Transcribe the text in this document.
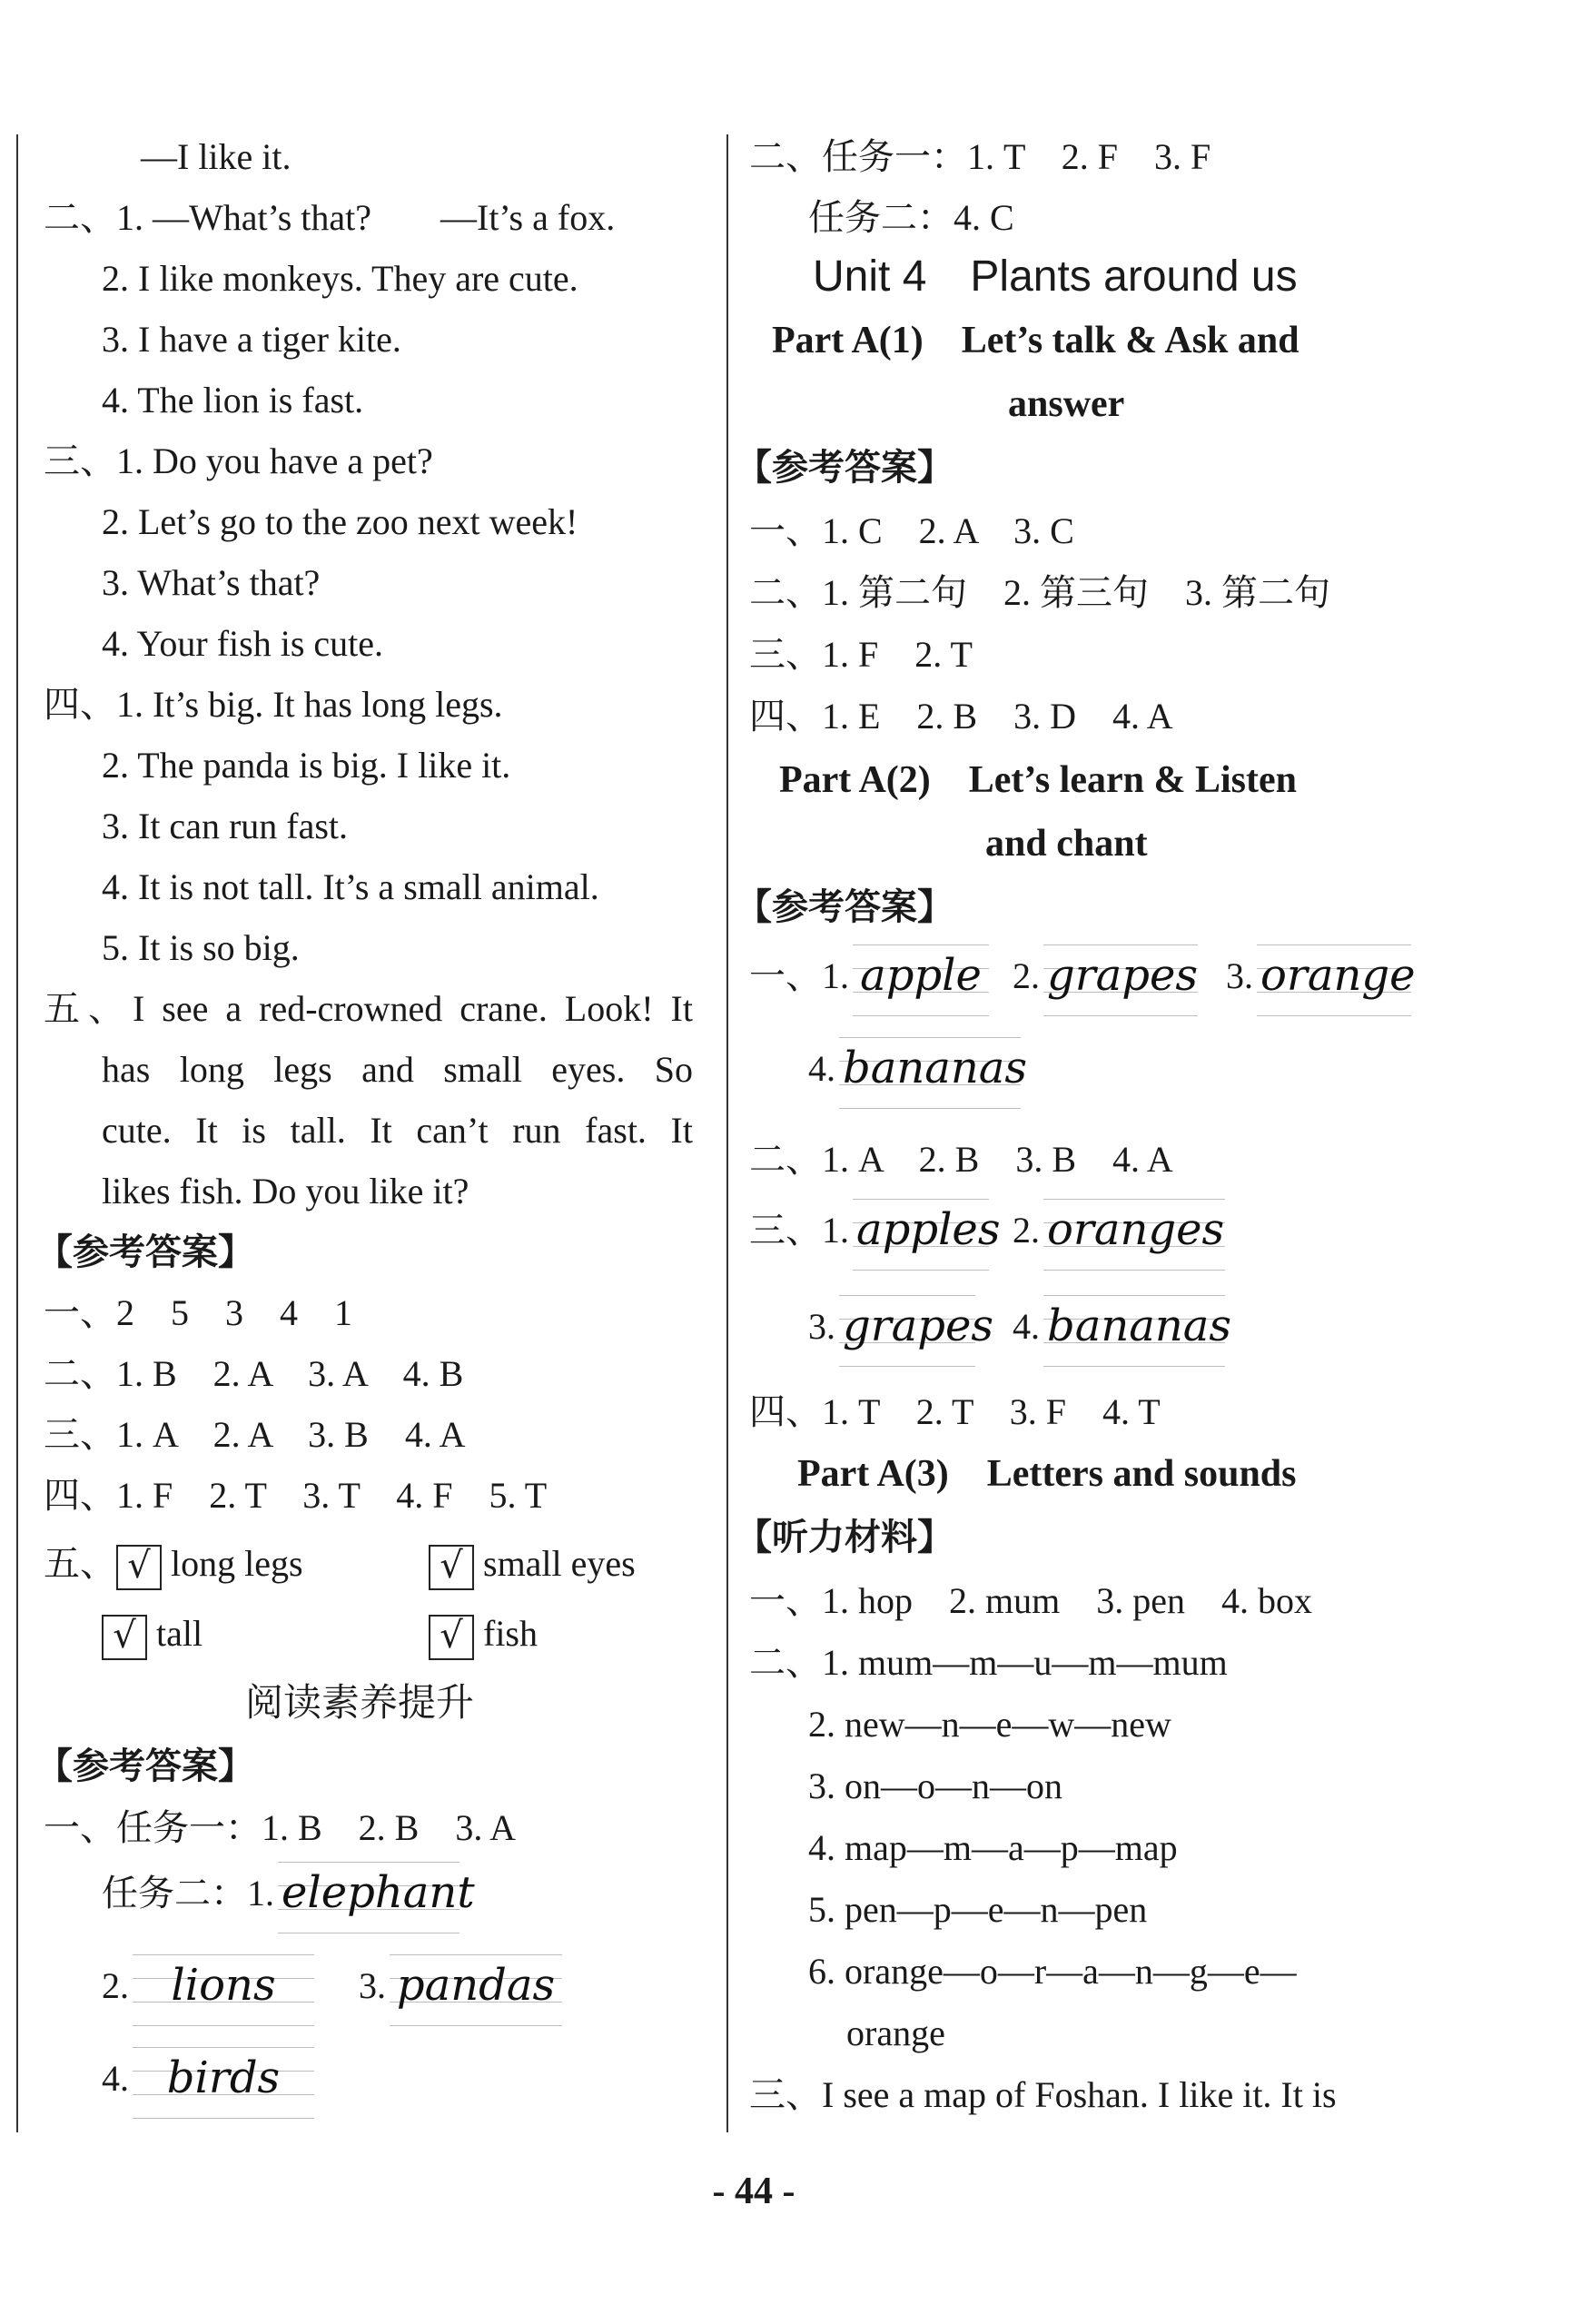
—I like it.
二、1. —What’s that? —It’s a fox.
2. I like monkeys. They are cute.
3. I have a tiger kite.
4. The lion is fast.
三、1. Do you have a pet?
2. Let’s go to the zoo next week!
3. What’s that?
4. Your fish is cute.
四、1. It’s big. It has long legs.
2. The panda is big. I like it.
3. It can run fast.
4. It is not tall. It’s a small animal.
5. It is so big.
五、I see a red-crowned crane. Look! It
has long legs and small eyes. So
cute. It is tall. It can’t run fast. It
likes fish. Do you like it?
【参考答案】
一、2　5　3　4　1
二、1. B　2. A　3. A　4. B
三、1. A　2. A　3. B　4. A
四、1. F　2. T　3. T　4. F　5. T
五、 √ long legs	√ small eyes
√ tall	√ fish
阅读素养提升
【参考答案】
一、任务一：1. B　2. B　3. A
任务二：1. elephant
2. lions	3. pandas
4. birds
二、任务一：1. T　2. F　3. F
任务二：4. C
Unit 4　Plants around us
Part A(1)　Let’s talk & Ask and
answer
【参考答案】
一、1. C　2. A　3. C
二、1. 第二句　2. 第三句　3. 第二句
三、1. F　2. T
四、1. E　2. B　3. D　4. A
Part A(2)　Let’s learn & Listen
and chant
【参考答案】
一、1. apple 2. grapes 3. orange
4. bananas
二、1. A　2. B　3. B　4. A
三、1. apples 2. oranges
3. grapes 4. bananas
四、1. T　2. T　3. F　4. T
Part A(3)　Letters and sounds
【听力材料】
一、1. hop　2. mum　3. pen　4. box
二、1. mum—m—u—m—mum
2. new—n—e—w—new
3. on—o—n—on
4. map—m—a—p—map
5. pen—p—e—n—pen
6. orange—o—r—a—n—g—e—
orange
三、I see a map of Foshan. I like it. It is
- 44 -
